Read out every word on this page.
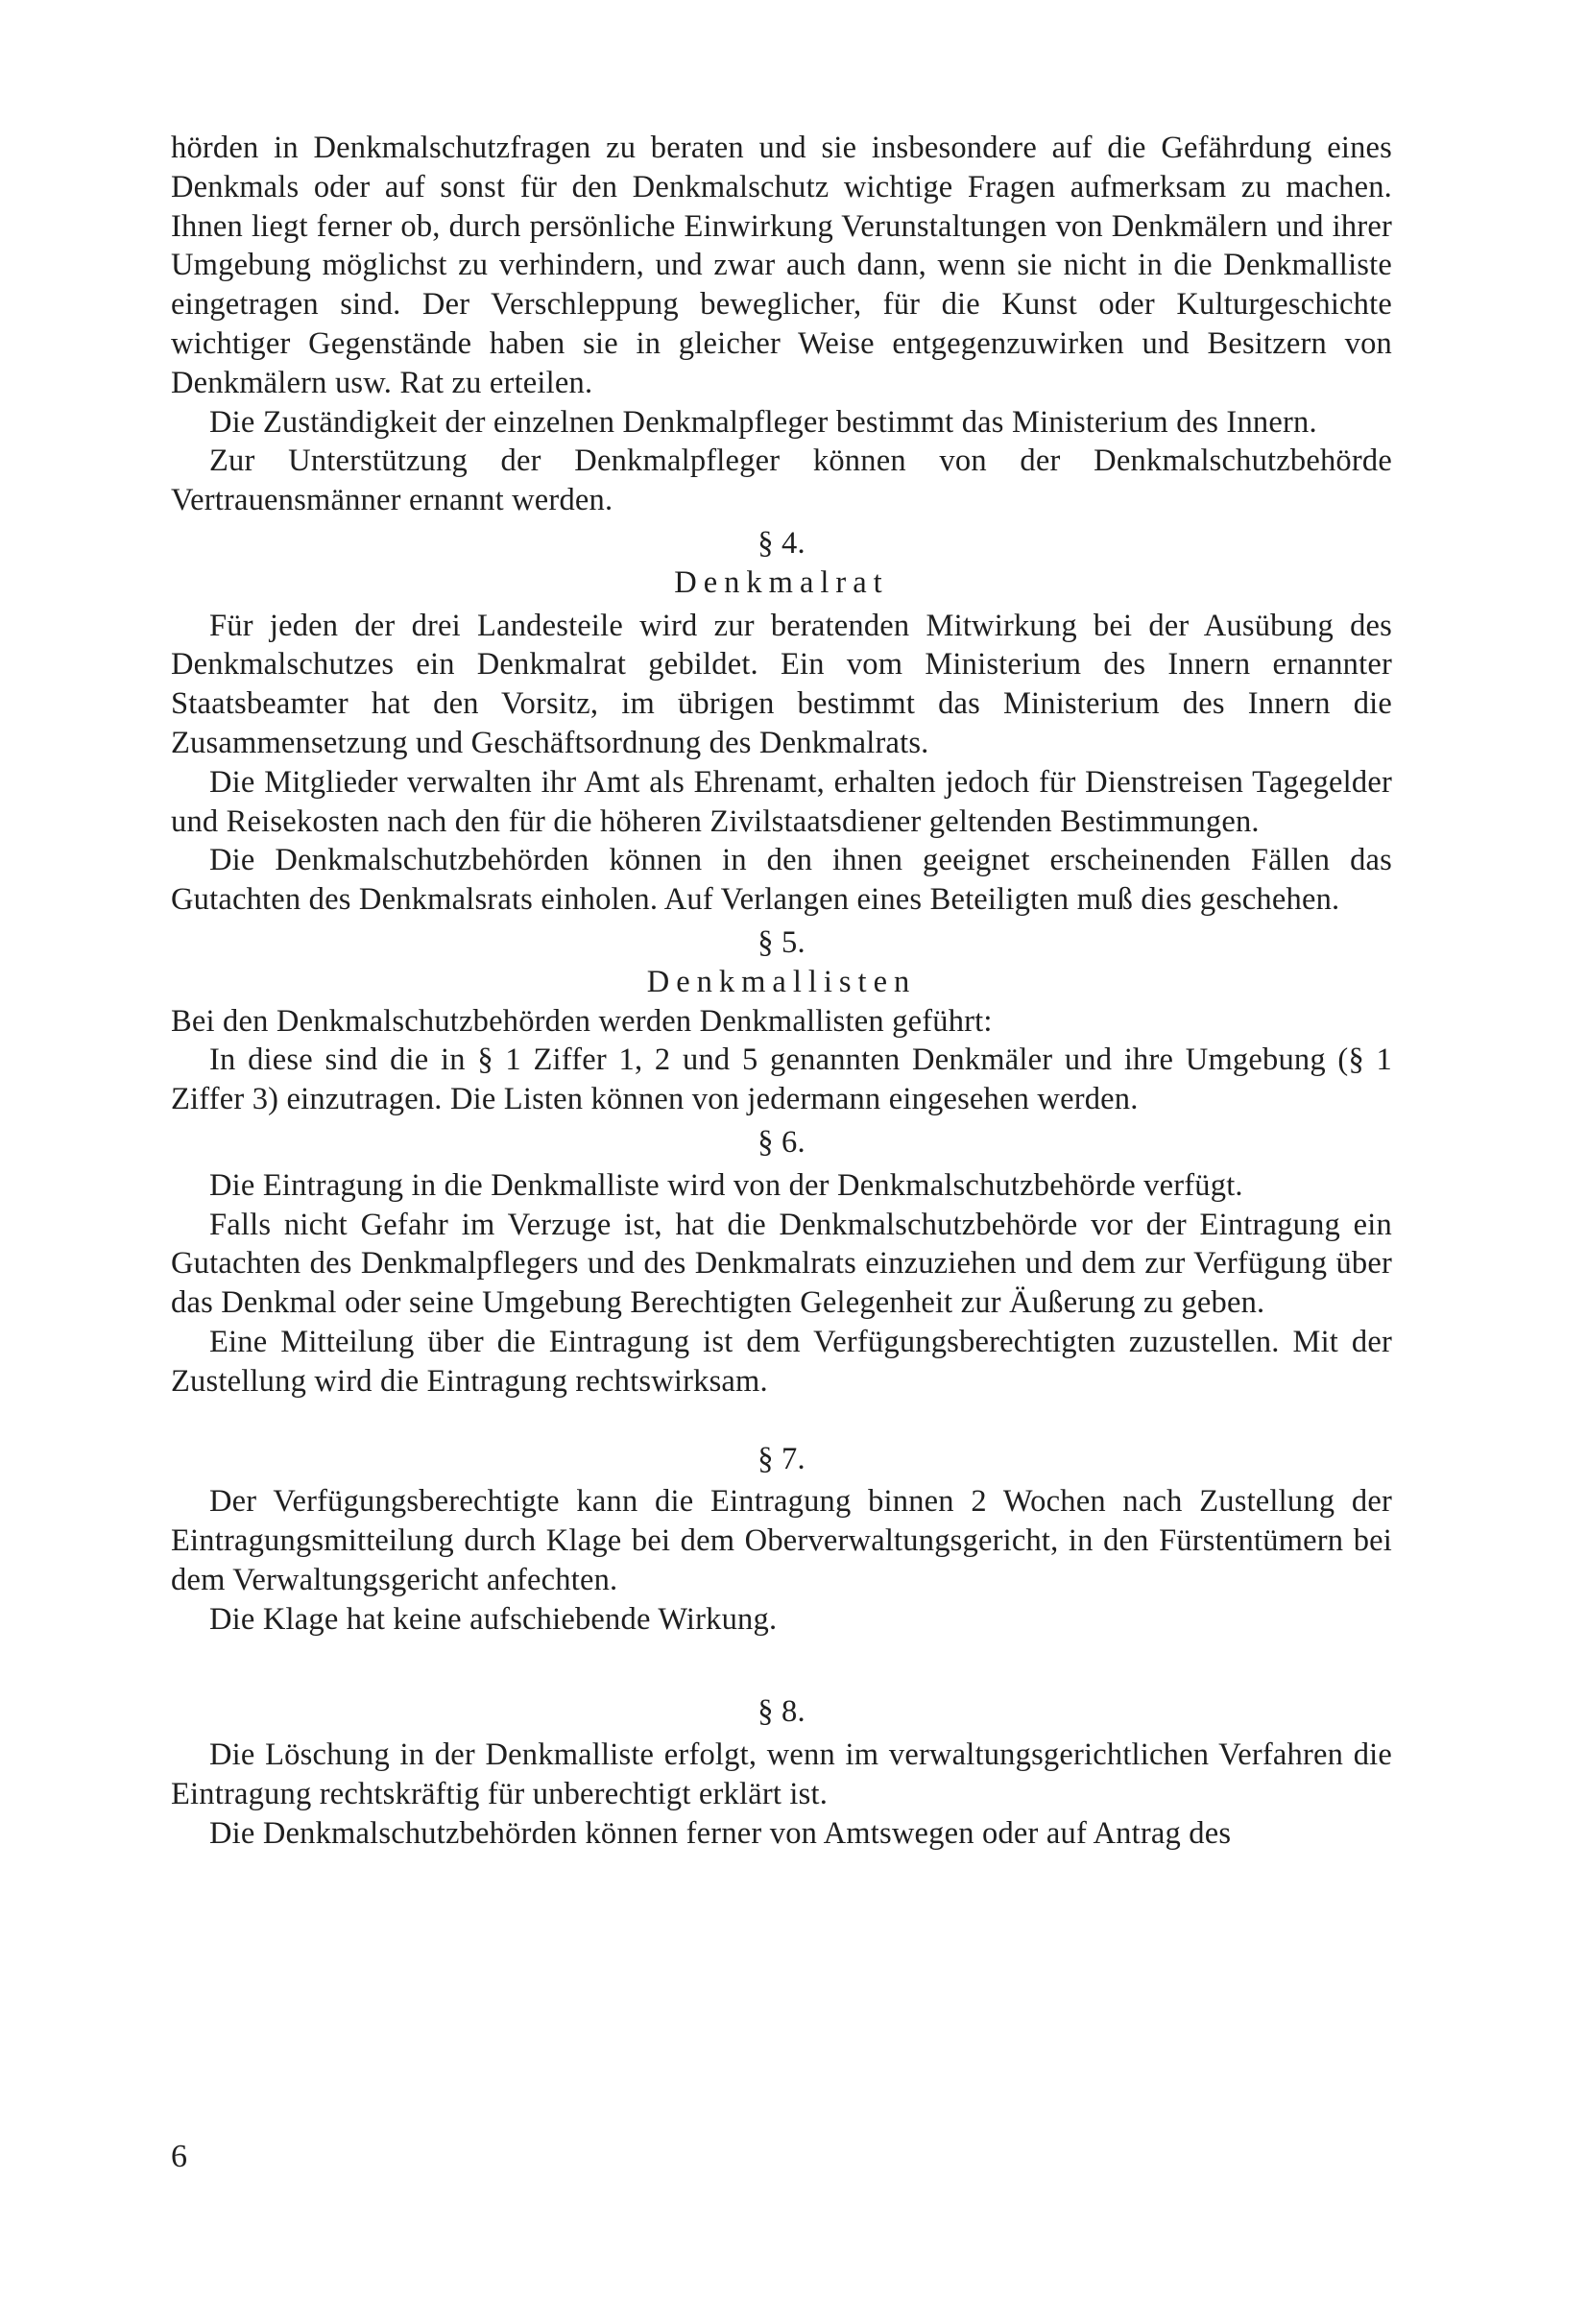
hörden in Denkmalschutzfragen zu beraten und sie insbesondere auf die Gefährdung eines Denkmals oder auf sonst für den Denkmalschutz wichtige Fragen aufmerksam zu machen. Ihnen liegt ferner ob, durch persönliche Einwirkung Verunstaltungen von Denkmälern und ihrer Umgebung möglichst zu verhindern, und zwar auch dann, wenn sie nicht in die Denkmalliste eingetragen sind. Der Verschleppung beweglicher, für die Kunst oder Kulturgeschichte wichtiger Gegenstände haben sie in gleicher Weise entgegenzuwirken und Besitzern von Denkmälern usw. Rat zu erteilen.

Die Zuständigkeit der einzelnen Denkmalpfleger bestimmt das Ministerium des Innern.

Zur Unterstützung der Denkmalpfleger können von der Denkmalschutzbehörde Vertrauensmänner ernannt werden.

§ 4.

Denkmalrat

Für jeden der drei Landesteile wird zur beratenden Mitwirkung bei der Ausübung des Denkmalschutzes ein Denkmalrat gebildet. Ein vom Ministerium des Innern ernannter Staatsbeamter hat den Vorsitz, im übrigen bestimmt das Ministerium des Innern die Zusammensetzung und Geschäftsordnung des Denkmalrats.

Die Mitglieder verwalten ihr Amt als Ehrenamt, erhalten jedoch für Dienstreisen Tagegelder und Reisekosten nach den für die höheren Zivilstaatsdiener geltenden Bestimmungen.

Die Denkmalschutzbehörden können in den ihnen geeignet erscheinenden Fällen das Gutachten des Denkmalsrats einholen. Auf Verlangen eines Beteiligten muß dies geschehen.

§ 5.

Denkmallisten

Bei den Denkmalschutzbehörden werden Denkmallisten geführt:

In diese sind die in § 1 Ziffer 1, 2 und 5 genannten Denkmäler und ihre Umgebung (§ 1 Ziffer 3) einzutragen. Die Listen können von jedermann eingesehen werden.

§ 6.

Die Eintragung in die Denkmalliste wird von der Denkmalschutzbehörde verfügt.

Falls nicht Gefahr im Verzuge ist, hat die Denkmalschutzbehörde vor der Eintragung ein Gutachten des Denkmalpflegers und des Denkmalrats einzuziehen und dem zur Verfügung über das Denkmal oder seine Umgebung Berechtigten Gelegenheit zur Äußerung zu geben.

Eine Mitteilung über die Eintragung ist dem Verfügungsberechtigten zuzustellen. Mit der Zustellung wird die Eintragung rechtswirksam.

§ 7.

Der Verfügungsberechtigte kann die Eintragung binnen 2 Wochen nach Zustellung der Eintragungsmitteilung durch Klage bei dem Oberverwaltungsgericht, in den Fürstentümern bei dem Verwaltungsgericht anfechten.

Die Klage hat keine aufschiebende Wirkung.

§ 8.

Die Löschung in der Denkmalliste erfolgt, wenn im verwaltungsgerichtlichen Verfahren die Eintragung rechtskräftig für unberechtigt erklärt ist.

Die Denkmalschutzbehörden können ferner von Amtswegen oder auf Antrag des

6
